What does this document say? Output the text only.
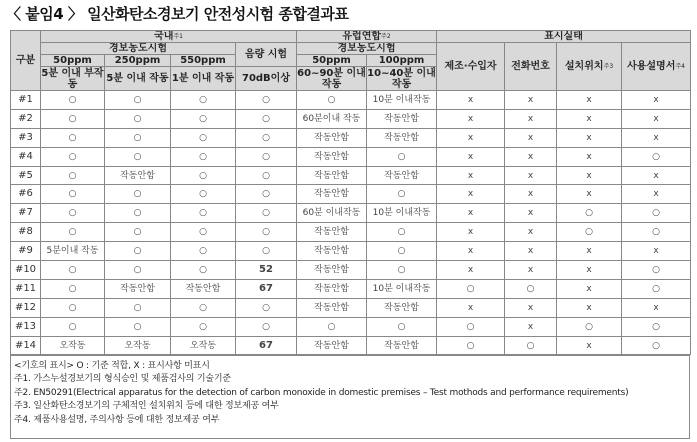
〈 붙임4 〉 일산화탄소경보기 안전성시험 종합결과표
구분	국내$^{주1}$				유럽연합$^{주2}$		표시실태			
	경보농도시험			음량 시험	경보농도시험		제조·수입자	전화번호	설치위치$^{주3}$	사용설명서$^{주4}$
	50ppm	250ppm	550ppm		50ppm	100ppm				
	5분 이내 부작동	5분 이내 작동	1분 이내 작동	70dB이상	60~90분 이내 작동	10~40분 이내 작동				
#1	○	○	○	○	○	10분 이내작동	x	x	x	x
#2	○	○	○	○	60분이내 작동	작동안함	x	x	x	x
#3	○	○	○	○	작동안함	작동안함	x	x	x	x
#4	○	○	○	○	작동안함	○	x	x	x	○
#5	○	작동안함	○	○	작동안함	작동안함	x	x	x	x
#6	○	○	○	○	작동안함	○	x	x	x	x
#7	○	○	○	○	60분 이내작동	10분 이내작동	x	x	○	○
#8	○	○	○	○	작동안함	○	x	x	○	○
#9	5분이내 작동	○	○	○	작동안함	○	x	x	x	x
#10	○	○	○	52	작동안함	○	x	x	x	○
#11	○	작동안함	작동안함	67	작동안함	10분 이내작동	○	○	x	○
#12	○	○	○	○	작동안함	작동안함	x	x	x	x
#13	○	○	○	○	○	○	○	x	○	○
#14	오작동	오작동	오작동	67	작동안함	작동안함	○	○	x	○
<기호의 표시> O : 기준 적합, X : 표시사항 미표시
주1. 가스누설경보기의 형식승인 및 제품검사의 기술기준
주2. EN50291(Electrical apparatus for the detection of carbon monoxide in domestic premises – Test mothods and performance requirements)
주3. 일산화탄소경보기의 구체적인 설치위치 등에 대한 정보제공 여부
주4. 제품사용설명, 주의사항 등에 대한 정보제공 여부
